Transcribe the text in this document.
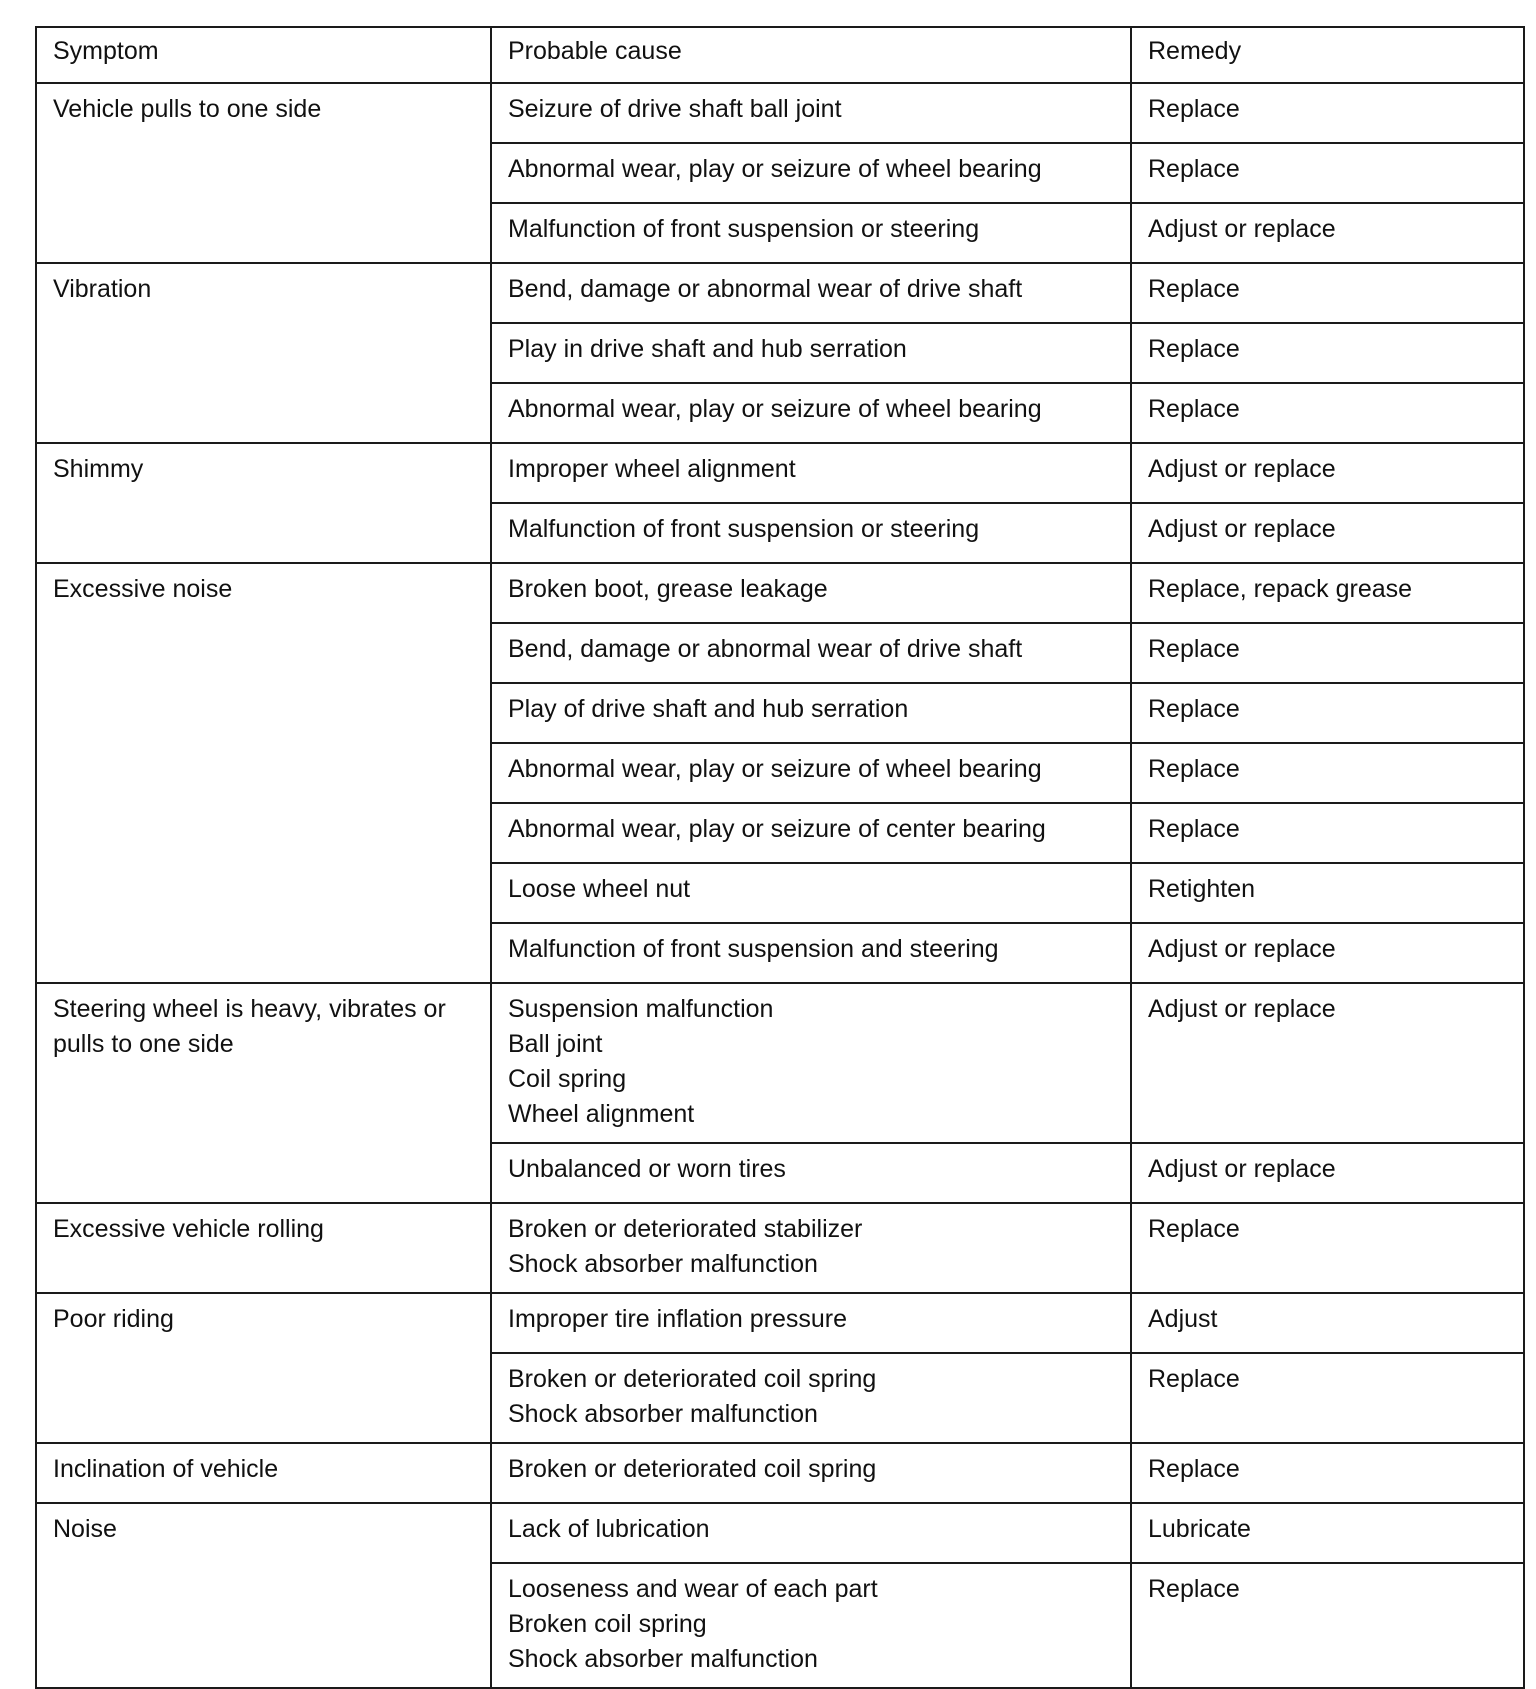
Symptom	Probable cause	Remedy

Vehicle pulls to one side	Seizure of drive shaft ball joint	Replace

	Abnormal wear, play or seizure of wheel bearing	Replace

	Malfunction of front suspension or steering	Adjust or replace

Vibration	Bend, damage or abnormal wear of drive shaft	Replace

	Play in drive shaft and hub serration	Replace

	Abnormal wear, play or seizure of wheel bearing	Replace

Shimmy	Improper wheel alignment	Adjust or replace

	Malfunction of front suspension or steering	Adjust or replace

Excessive noise	Broken boot, grease leakage	Replace, repack grease

	Bend, damage or abnormal wear of drive shaft	Replace

	Play of drive shaft and hub serration	Replace

	Abnormal wear, play or seizure of wheel bearing	Replace

	Abnormal wear, play or seizure of center bearing	Replace

	Loose wheel nut	Retighten

	Malfunction of front suspension and steering	Adjust or replace

Steering wheel is heavy, vibrates or pulls to one side	Suspension malfunction
Ball joint
Coil spring
Wheel alignment	Adjust or replace

	Unbalanced or worn tires	Adjust or replace

Excessive vehicle rolling	Broken or deteriorated stabilizer
Shock absorber malfunction	Replace

Poor riding	Improper tire inflation pressure	Adjust

	Broken or deteriorated coil spring
Shock absorber malfunction	Replace

Inclination of vehicle	Broken or deteriorated coil spring	Replace

Noise	Lack of lubrication	Lubricate

	Looseness and wear of each part
Broken coil spring
Shock absorber malfunction	Replace
